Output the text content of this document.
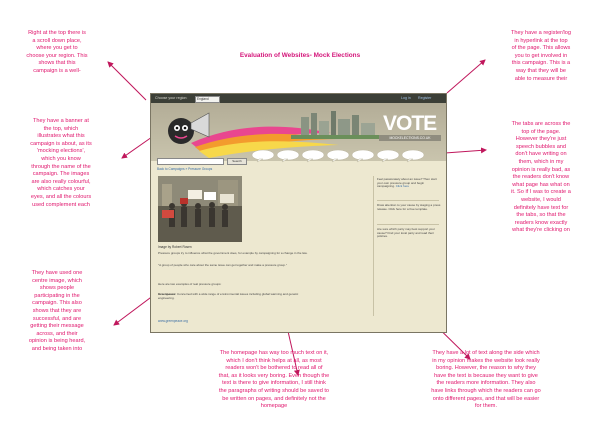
Evaluation of Websites- Mock Elections

Right at the top there is
a scroll down place,
where you get to
choose your region. This
shows that this
campaign is a well-
They have a register/log
in hyperlink at the top
of the page. This allows
you to get involved in
this campaign. This is a
way that they will be
able to measure their
They have a banner at
the top, which
illustrates what this
campaign is about, as its
'mocking elections',
which you know
through the name of the
campaign. The images
are also really colourful,
which catches your
eyes, and all the colours
used complement each
The tabs are across the
top of the page.
However they're just
speech bubbles and
don't have writing on
them, which in my
opinion is really bad, as
the readers don't know
what page has what on
it. So if I was to create a
website, I would
definitely have text for
the tabs, so that the
readers know exactly
what they're clicking on
They have used one
centre image, which
shows people
participating in the
campaign. This also
shows that they are
successful, and are
getting their message
across, and their
opinion is being heard,
and being taken into
The homepage has way too much text on it,
which I don't think helps at all, as most
readers won't be bothered to read all of
that, as it looks very boring. Even though the
text is there to give information, I still think
the paragraphs of writing should be saved to
be written on pages, and definitely not the
homepage
They have a lot of text along the side which
in my opinion makes the website look really
boring. However, the reason to why they
have the text is because they want to give
the readers more information. They also
have links through which the readers can go
onto different pages, and that will be easier
for them.
Choose your region:	England	Log in Register
VOTE
MOCKELECTIONS.CO.UK
Search
Back to Campaigns » Pressure Groups
Image by Robert Rosen

Pressure groups try to influence what the government does, for example by campaigning for a change in the law.

"A group of people who care about the same issue can get together and make a pressure group."

Here are two examples of real pressure groups:

Greenpeace: Concerned with a wide range of environmental issues including global warming and genetic engineering.

www.greenpeace.org

Feel passionately about an issue? Then start your own pressure group and begin campaigning. Click here

Draw attention to your cause by staging a press release. Click here for a free template.

Are sure which party may best support your cause? Find your local party and read their policies.
